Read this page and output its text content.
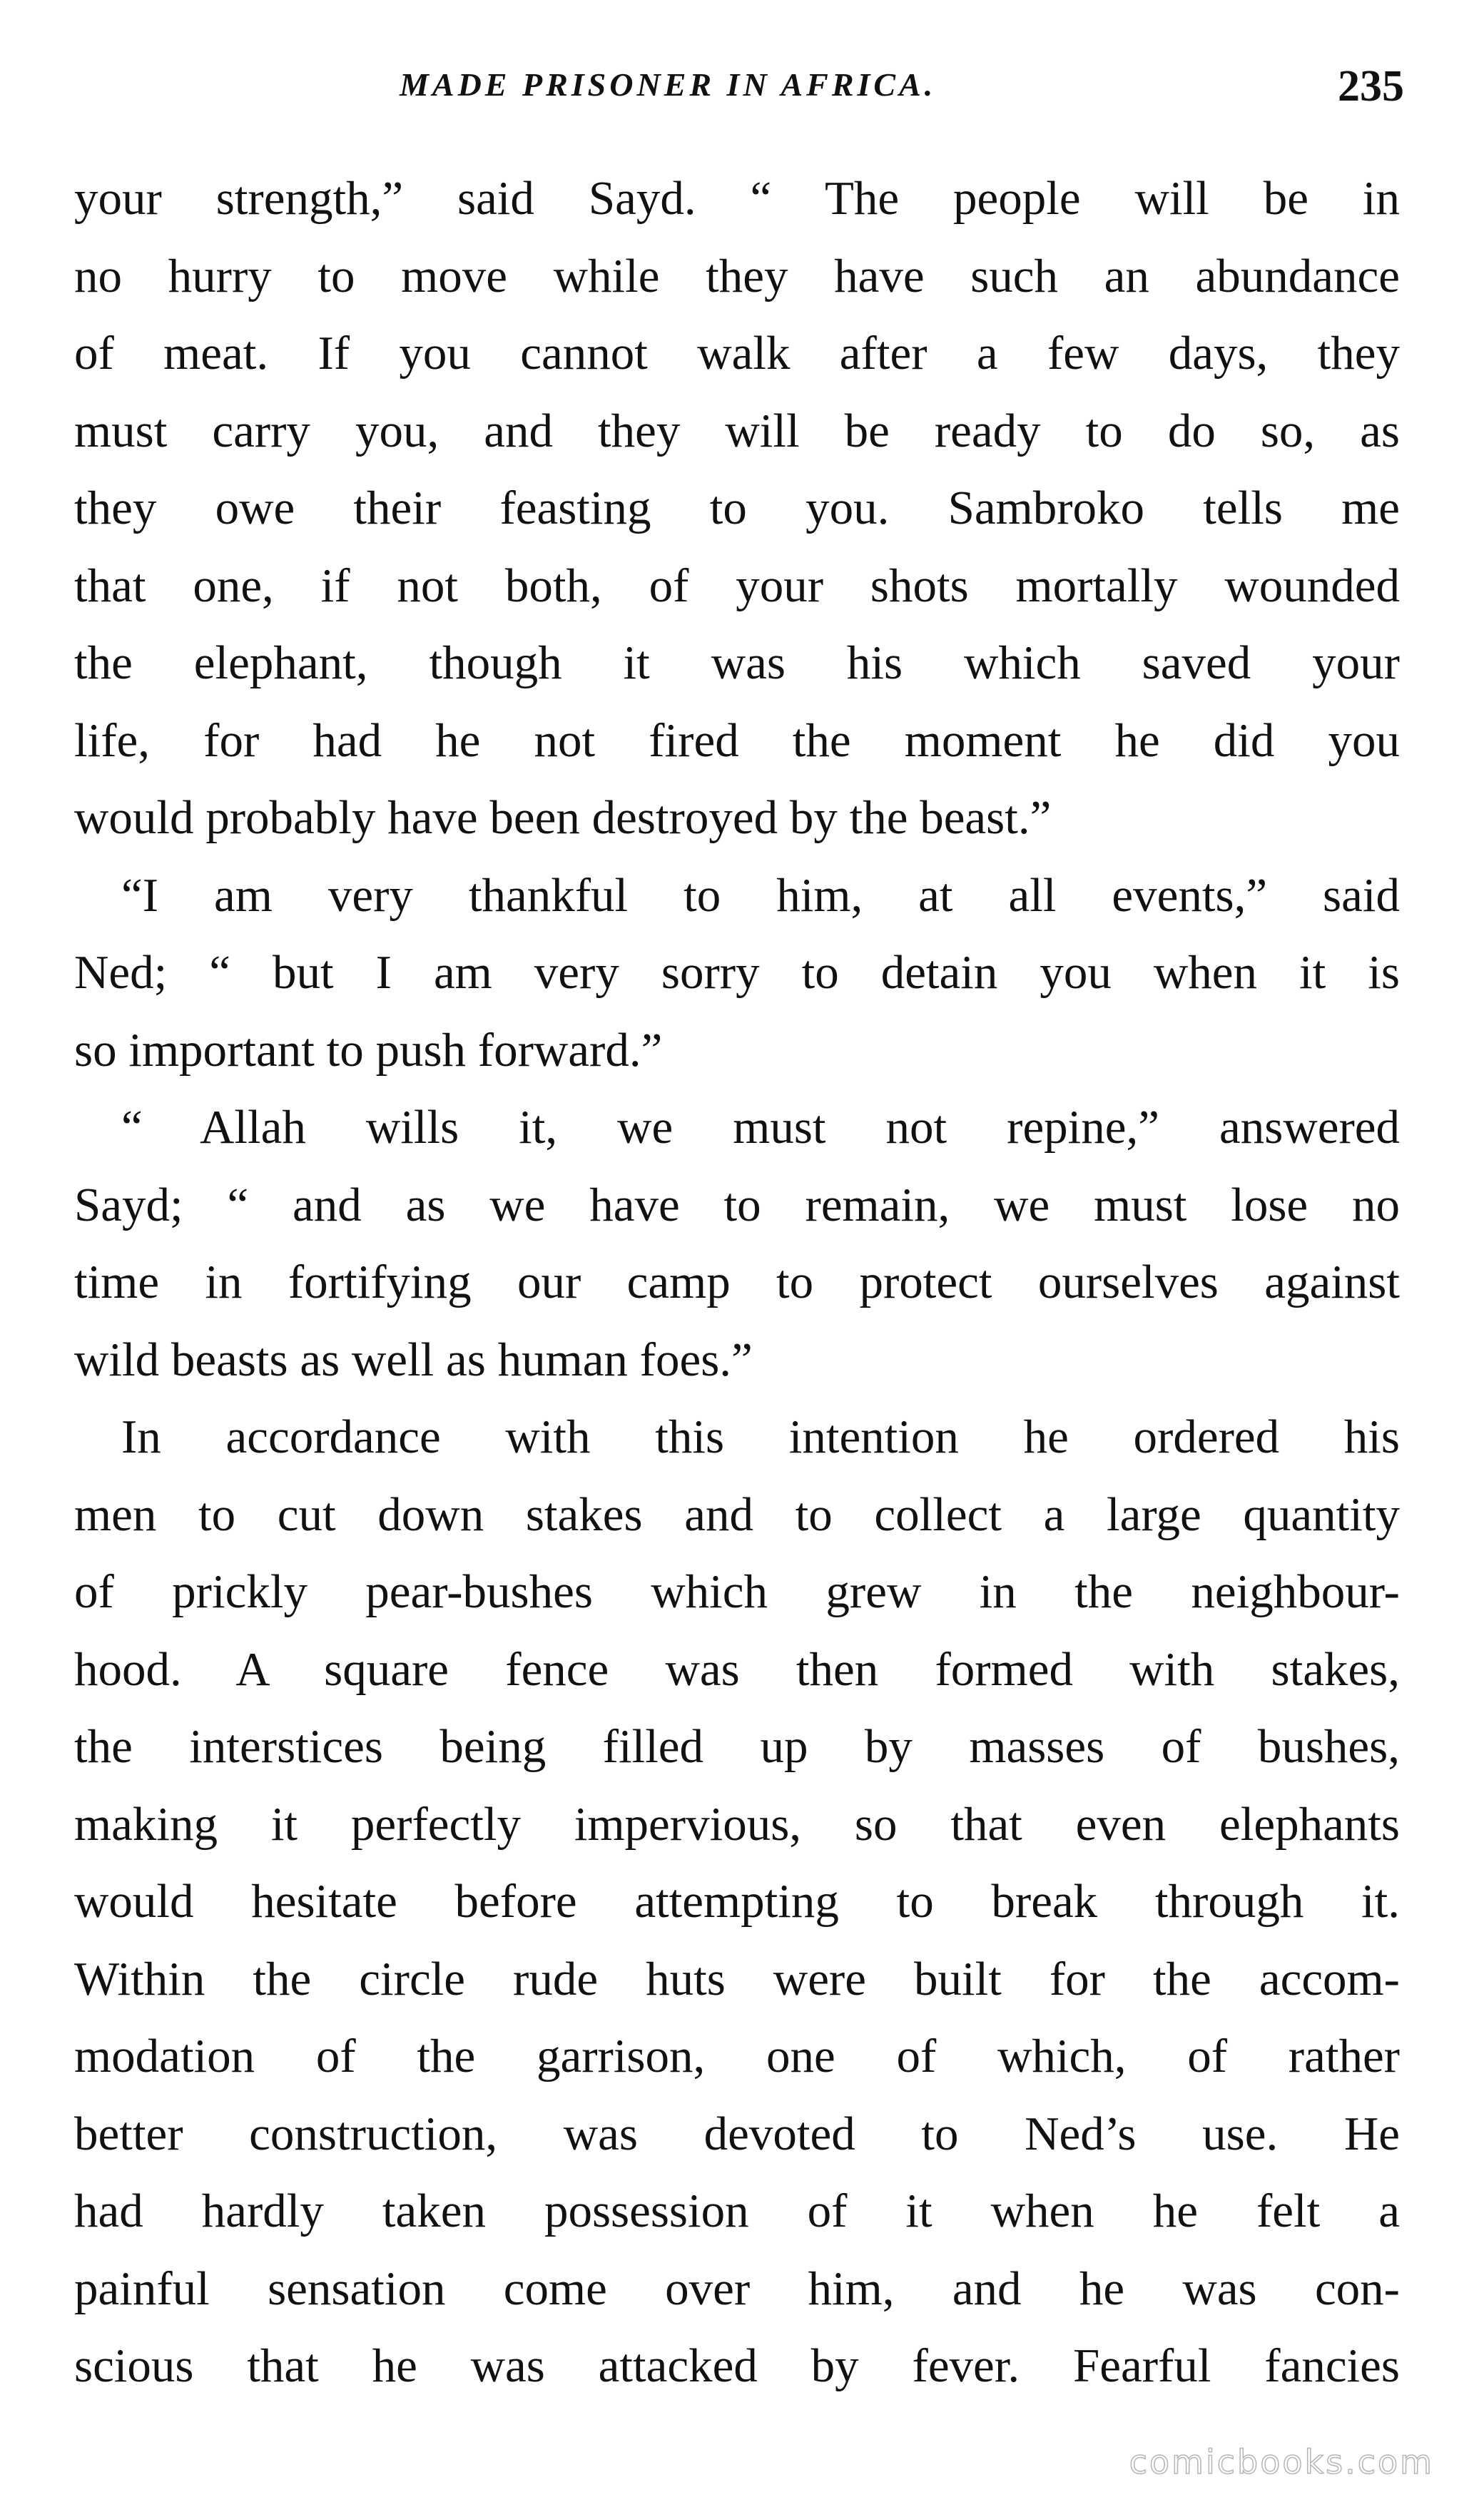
MADE PRISONER IN AFRICA.	235
your strength,” said Sayd. “ The people will be in
no hurry to move while they have such an abundance
of meat. If you cannot walk after a few days, they
must carry you, and they will be ready to do so, as
they owe their feasting to you. Sambroko tells me
that one, if not both, of your shots mortally wounded
the elephant, though it was his which saved your
life, for had he not fired the moment he did you
would probably have been destroyed by the beast.”
“I am very thankful to him, at all events,” said
Ned; “ but I am very sorry to detain you when it is
so important to push forward.”
“ Allah wills it, we must not repine,” answered
Sayd; “ and as we have to remain, we must lose no
time in fortifying our camp to protect ourselves against
wild beasts as well as human foes.”
In accordance with this intention he ordered his
men to cut down stakes and to collect a large quantity
of prickly pear-bushes which grew in the neighbour-
hood. A square fence was then formed with stakes,
the interstices being filled up by masses of bushes,
making it perfectly impervious, so that even elephants
would hesitate before attempting to break through it.
Within the circle rude huts were built for the accom-
modation of the garrison, one of which, of rather
better construction, was devoted to Ned’s use. He
had hardly taken possession of it when he felt a
painful sensation come over him, and he was con-
scious that he was attacked by fever. Fearful fancies
comicbooks.com
